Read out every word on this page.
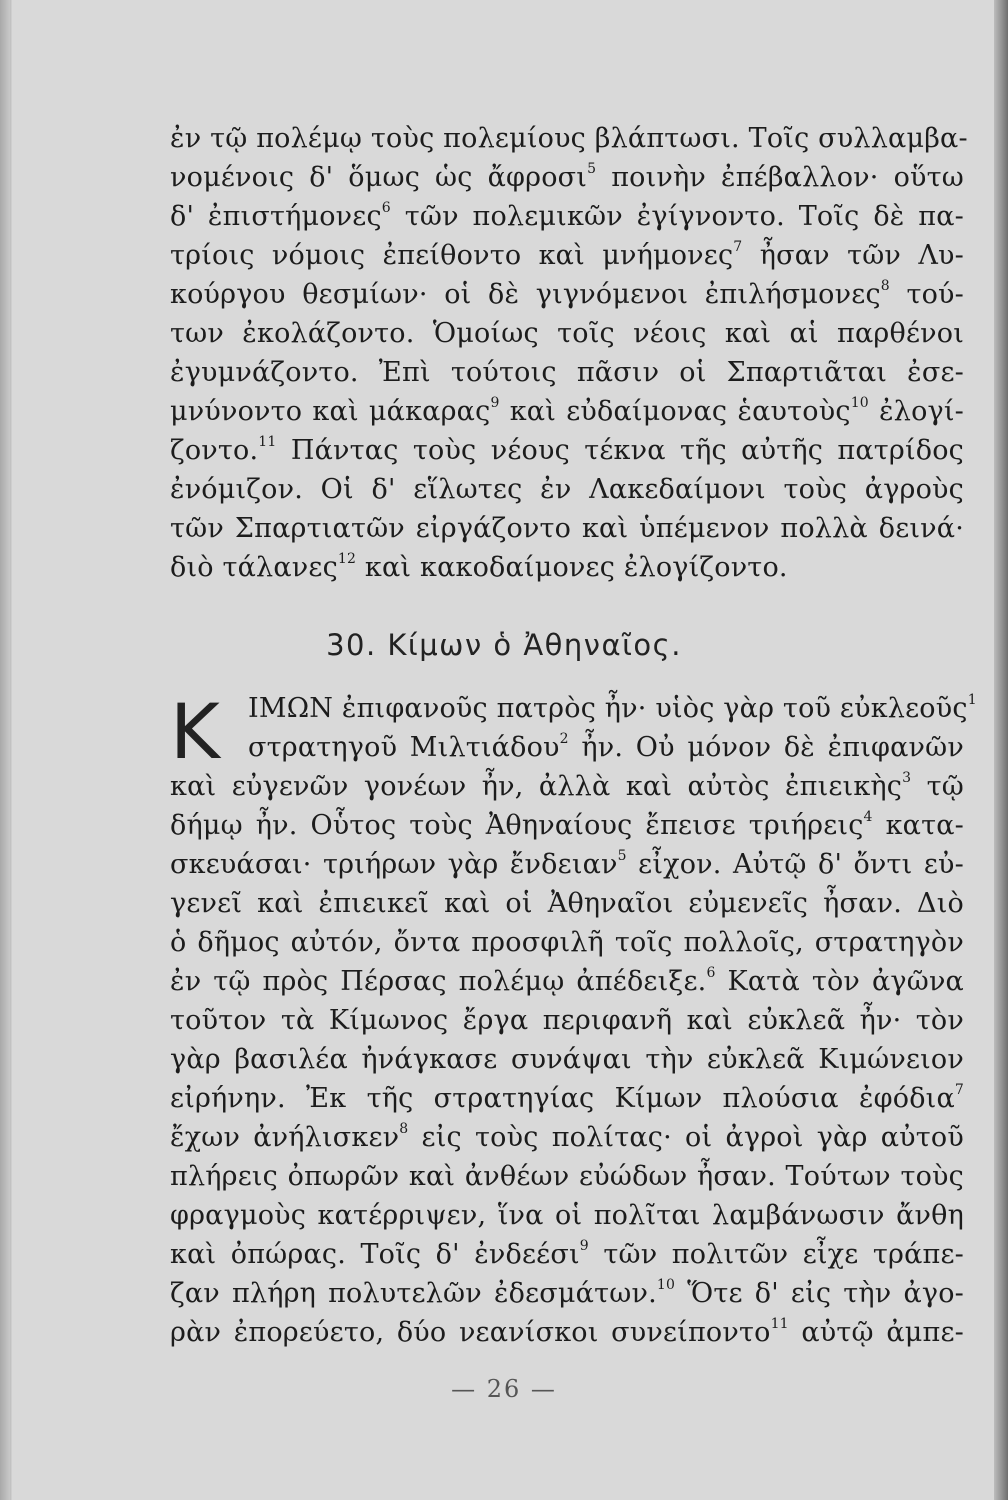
ἐν τῷ πολέμῳ τοὺς πολεμίους βλάπτωσι. Τοῖς συλλαμβα-
νομένοις δ' ὅμως ὡς ἄφροσι$^5$ ποινὴν ἐπέβαλλον· οὕτω
δ' ἐπιστήμονες$^6$ τῶν πολεμικῶν ἐγίγνοντο. Τοῖς δὲ πα-
τρίοις νόμοις ἐπείθοντο καὶ μνήμονες$^7$ ἦσαν τῶν Λυ-
κούργου θεσμίων· οἱ δὲ γιγνόμενοι ἐπιλήσμονες$^8$ τού-
των ἐκολάζοντο. Ὁμοίως τοῖς νέοις καὶ αἱ παρθένοι
ἐγυμνάζοντο. Ἐπὶ τούτοις πᾶσιν οἱ Σπαρτιᾶται ἐσε-
μνύνοντο καὶ μάκαρας$^9$ καὶ εὐδαίμονας ἑαυτοὺς$^{10}$ ἐλογί-
ζοντο.$^{11}$ Πάντας τοὺς νέους τέκνα τῆς αὐτῆς πατρίδος
ἐνόμιζον. Οἱ δ' εἵλωτες ἐν Λακεδαίμονι τοὺς ἀγροὺς
τῶν Σπαρτιατῶν εἰργάζοντο καὶ ὑπέμενον πολλὰ δεινά·
διὸ τάλανες$^{12}$ καὶ κακοδαίμονες ἐλογίζοντο.
30. Κίμων ὁ Ἀθηναῖος.
K	ΙΜΩΝ ἐπιφανοῦς πατρὸς ἦν· υἱὸς γὰρ τοῦ εὐκλεοῦς$^1$
στρατηγοῦ Μιλτιάδου$^2$ ἦν. Οὐ μόνον δὲ ἐπιφανῶν
καὶ εὐγενῶν γονέων ἦν, ἀλλὰ καὶ αὐτὸς ἐπιεικὴς$^3$ τῷ
δήμῳ ἦν. Οὗτος τοὺς Ἀθηναίους ἔπεισε τριήρεις$^4$ κατα-
σκευάσαι· τριήρων γὰρ ἔνδειαν$^5$ εἶχον. Αὐτῷ δ' ὄντι εὐ-
γενεῖ καὶ ἐπιεικεῖ καὶ οἱ Ἀθηναῖοι εὐμενεῖς ἦσαν. Διὸ
ὁ δῆμος αὐτόν, ὄντα προσφιλῆ τοῖς πολλοῖς, στρατηγὸν
ἐν τῷ πρὸς Πέρσας πολέμῳ ἀπέδειξε.$^6$ Κατὰ τὸν ἀγῶνα
τοῦτον τὰ Κίμωνος ἔργα περιφανῆ καὶ εὐκλεᾶ ἦν· τὸν
γὰρ βασιλέα ἠνάγκασε συνάψαι τὴν εὐκλεᾶ Κιμώνειον
εἰρήνην. Ἐκ τῆς στρατηγίας Κίμων πλούσια ἐφόδια$^7$
ἔχων ἀνήλισκεν$^8$ εἰς τοὺς πολίτας· οἱ ἀγροὶ γὰρ αὐτοῦ
πλήρεις ὀπωρῶν καὶ ἀνθέων εὐώδων ἦσαν. Τούτων τοὺς
φραγμοὺς κατέρριψεν, ἵνα οἱ πολῖται λαμβάνωσιν ἄνθη
καὶ ὀπώρας. Τοῖς δ' ἐνδεέσι$^9$ τῶν πολιτῶν εἶχε τράπε-
ζαν πλήρη πολυτελῶν ἐδεσμάτων.$^{10}$ Ὅτε δ' εἰς τὴν ἀγο-
ρὰν ἐπορεύετο, δύο νεανίσκοι συνείποντο$^{11}$ αὐτῷ ἀμπε-
— 26 —
